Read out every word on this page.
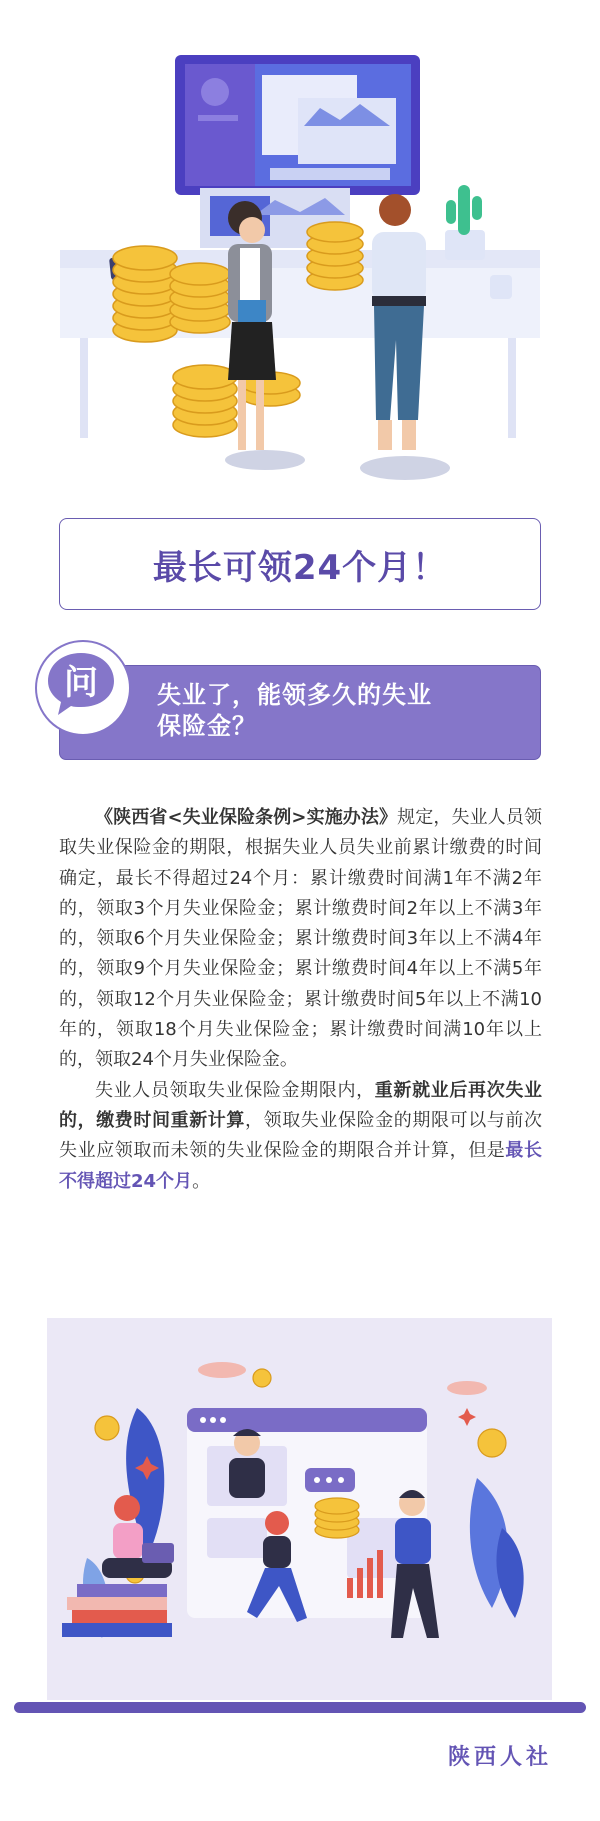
最长可领24个月！
失业了，能领多久的失业
保险金？
问

《陕西省<失业保险条例>实施办法》规定，失业人员领取失业保险金的期限，根据失业人员失业前累计缴费的时间确定，最长不得超过24个月：累计缴费时间满1年不满2年的，领取3个月失业保险金；累计缴费时间2年以上不满3年的，领取6个月失业保险金；累计缴费时间3年以上不满4年的，领取9个月失业保险金；累计缴费时间4年以上不满5年的，领取12个月失业保险金；累计缴费时间5年以上不满10年的，领取18个月失业保险金；累计缴费时间满10年以上的，领取24个月失业保险金。

失业人员领取失业保险金期限内，重新就业后再次失业的，缴费时间重新计算，领取失业保险金的期限可以与前次失业应领取而未领的失业保险金的期限合并计算，但是最长不得超过24个月。

陕西人社
